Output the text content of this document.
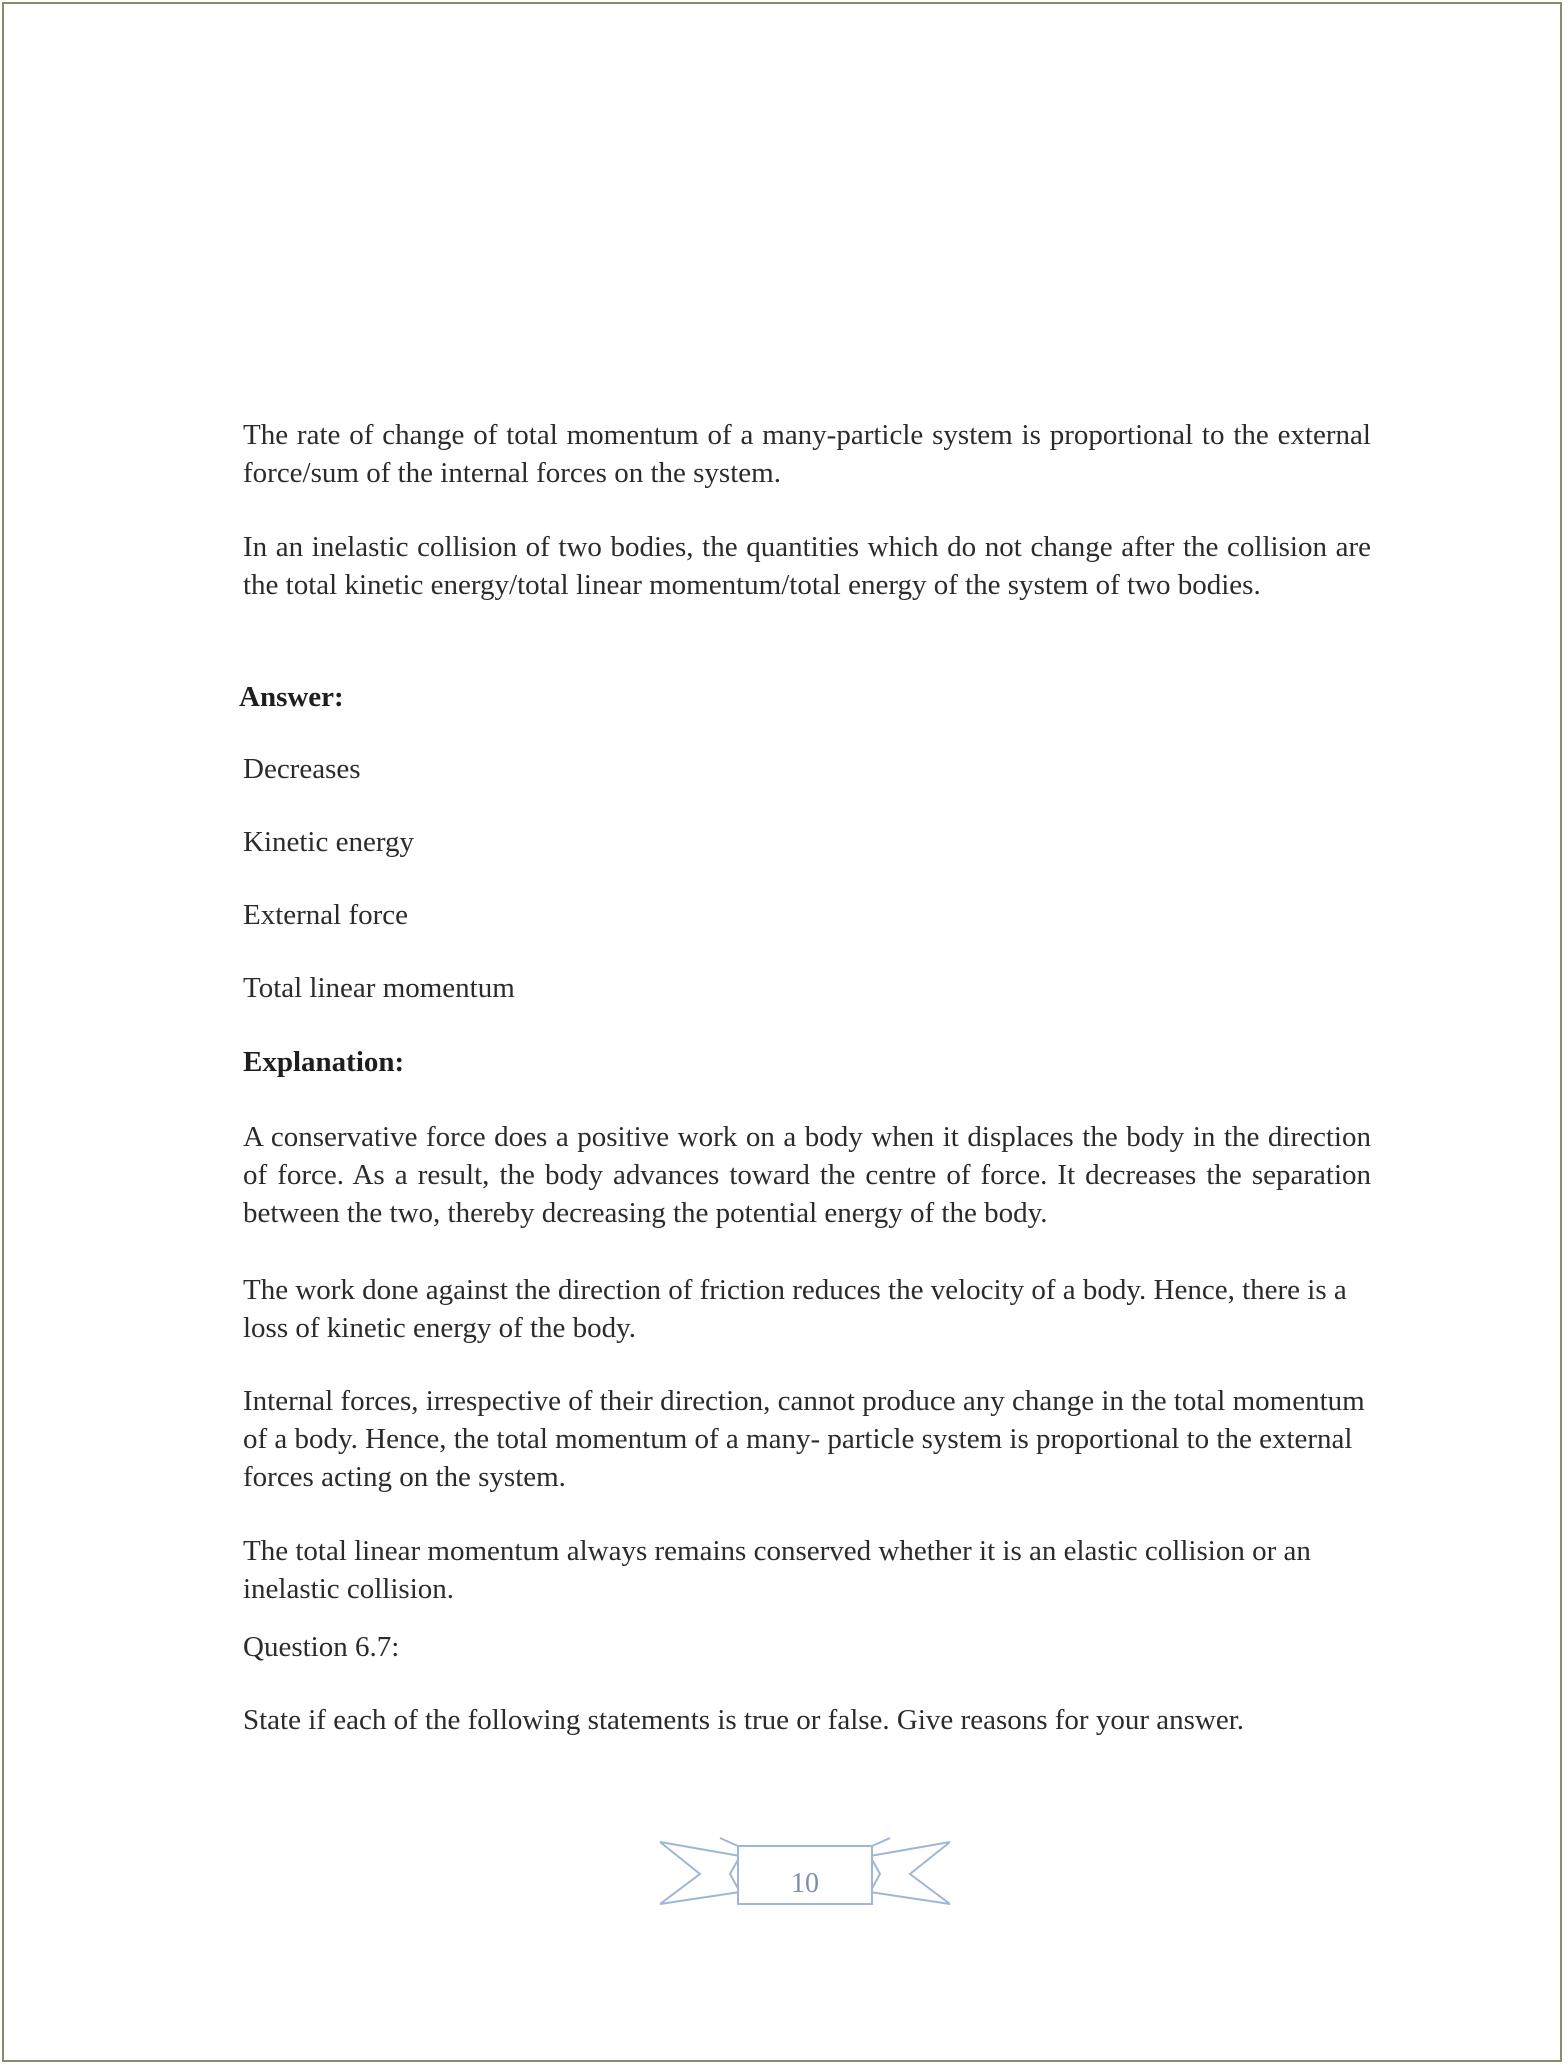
The rate of change of total momentum of a many-particle system is proportional to the external force/sum of the internal forces on the system.

In an inelastic collision of two bodies, the quantities which do not change after the collision are the total kinetic energy/total linear momentum/total energy of the system of two bodies.

Answer:

Decreases

Kinetic energy

External force

Total linear momentum

Explanation:

A conservative force does a positive work on a body when it displaces the body in the direction of force. As a result, the body advances toward the centre of force. It decreases the separation between the two, thereby decreasing the potential energy of the body.

The work done against the direction of friction reduces the velocity of a body. Hence, there is a loss of kinetic energy of the body.

Internal forces, irrespective of their direction, cannot produce any change in the total momentum of a body. Hence, the total momentum of a many- particle system is proportional to the external forces acting on the system.

The total linear momentum always remains conserved whether it is an elastic collision or an inelastic collision.

Question 6.7:

State if each of the following statements is true or false. Give reasons for your answer.

10
